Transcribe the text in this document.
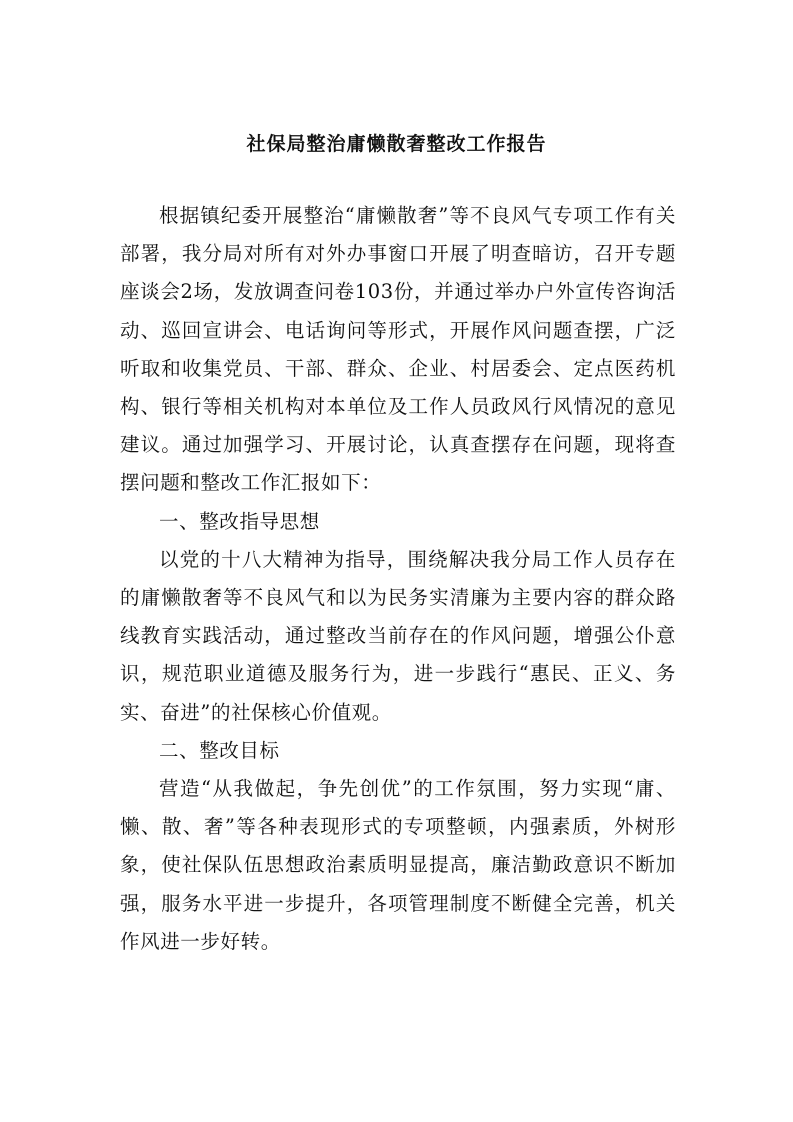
社保局整治庸懒散奢整改工作报告

根据镇纪委开展整治“庸懒散奢”等不良风气专项工作有关部署，我分局对所有对外办事窗口开展了明查暗访，召开专题座谈会2场，发放调查问卷103份，并通过举办户外宣传咨询活动、巡回宣讲会、电话询问等形式，开展作风问题查摆，广泛听取和收集党员、干部、群众、企业、村居委会、定点医药机构、银行等相关机构对本单位及工作人员政风行风情况的意见建议。通过加强学习、开展讨论，认真查摆存在问题，现将查摆问题和整改工作汇报如下：

一、整改指导思想

以党的十八大精神为指导，围绕解决我分局工作人员存在的庸懒散奢等不良风气和以为民务实清廉为主要内容的群众路线教育实践活动，通过整改当前存在的作风问题，增强公仆意识，规范职业道德及服务行为，进一步践行“惠民、正义、务实、奋进”的社保核心价值观。

二、整改目标

营造“从我做起，争先创优”的工作氛围，努力实现“庸、懒、散、奢”等各种表现形式的专项整顿，内强素质，外树形象，使社保队伍思想政治素质明显提高，廉洁勤政意识不断加强，服务水平进一步提升，各项管理制度不断健全完善，机关作风进一步好转。
